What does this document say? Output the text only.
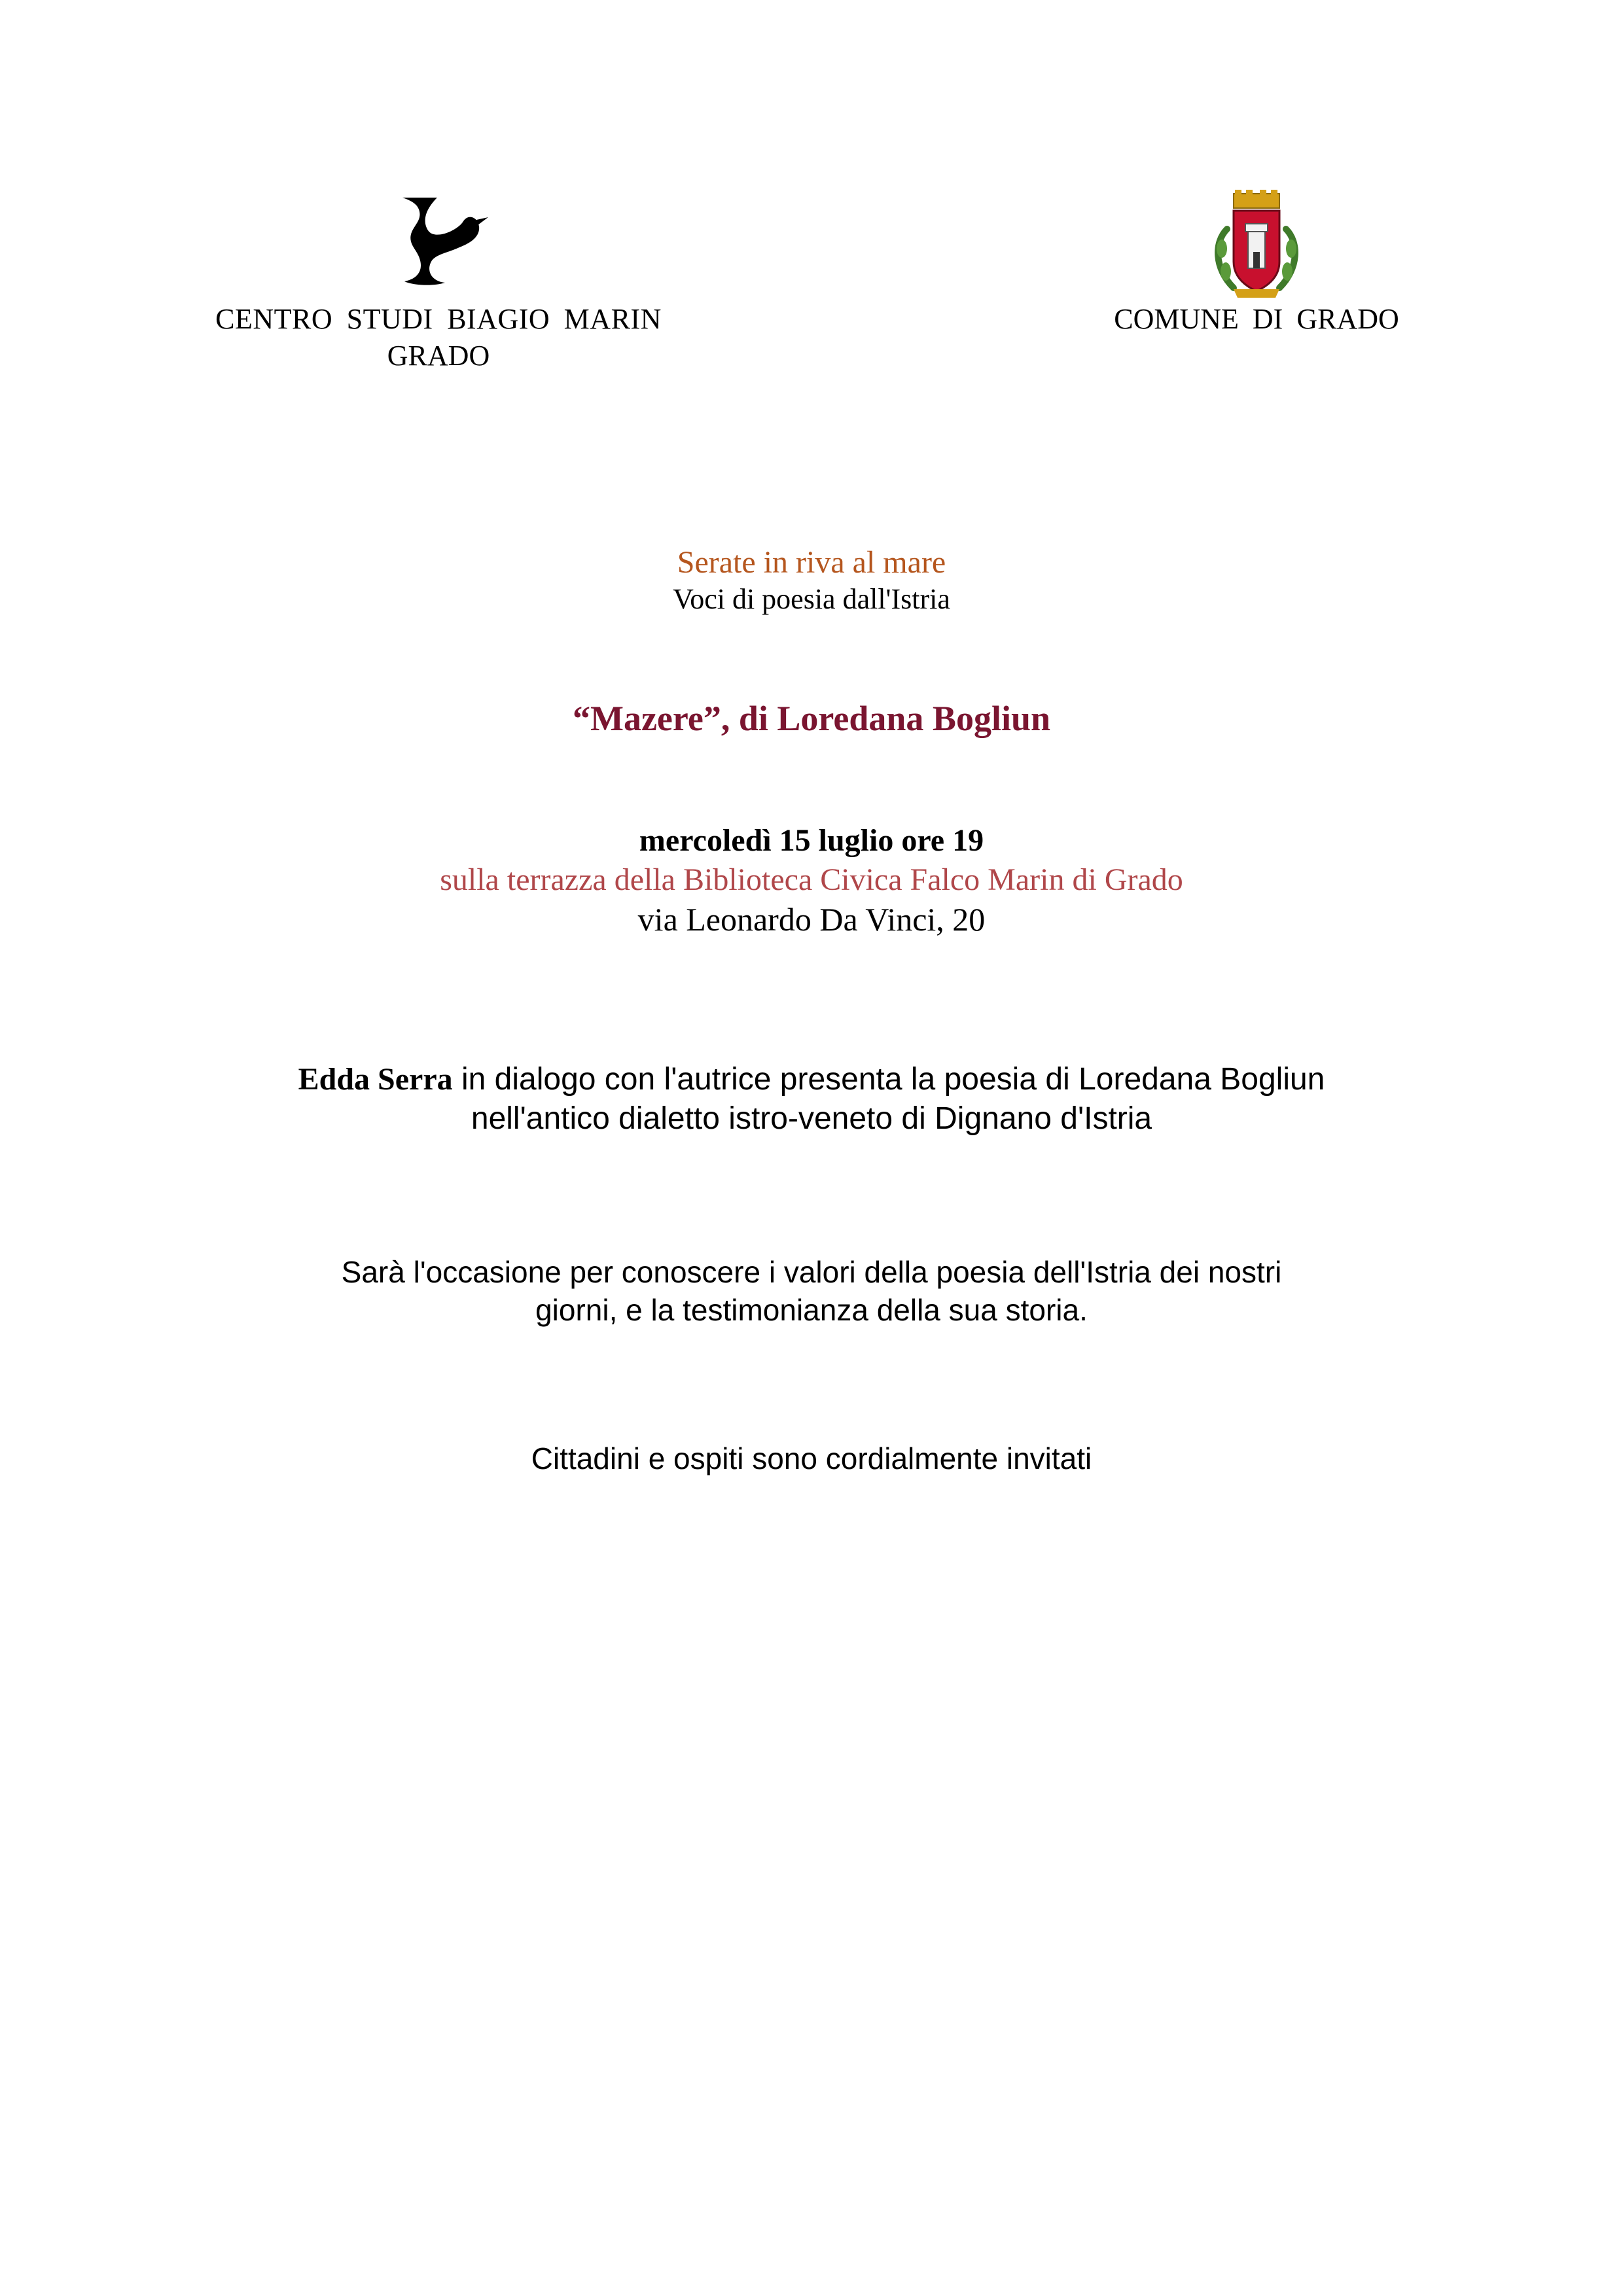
CENTRO STUDI BIAGIO MARIN
GRADO
COMUNE DI GRADO
Serate in riva al mare
Voci di poesia dall'Istria
“Mazere”, di Loredana Bogliun
mercoledì 15 luglio ore 19
sulla terrazza della Biblioteca Civica Falco Marin di Grado
via Leonardo Da Vinci, 20
Edda Serra in dialogo con l'autrice presenta la poesia di Loredana Bogliun
nell'antico dialetto istro-veneto di Dignano d'Istria
Sarà l'occasione per conoscere i valori della poesia dell'Istria dei nostri
giorni, e la testimonianza della sua storia.
Cittadini e ospiti sono cordialmente invitati
